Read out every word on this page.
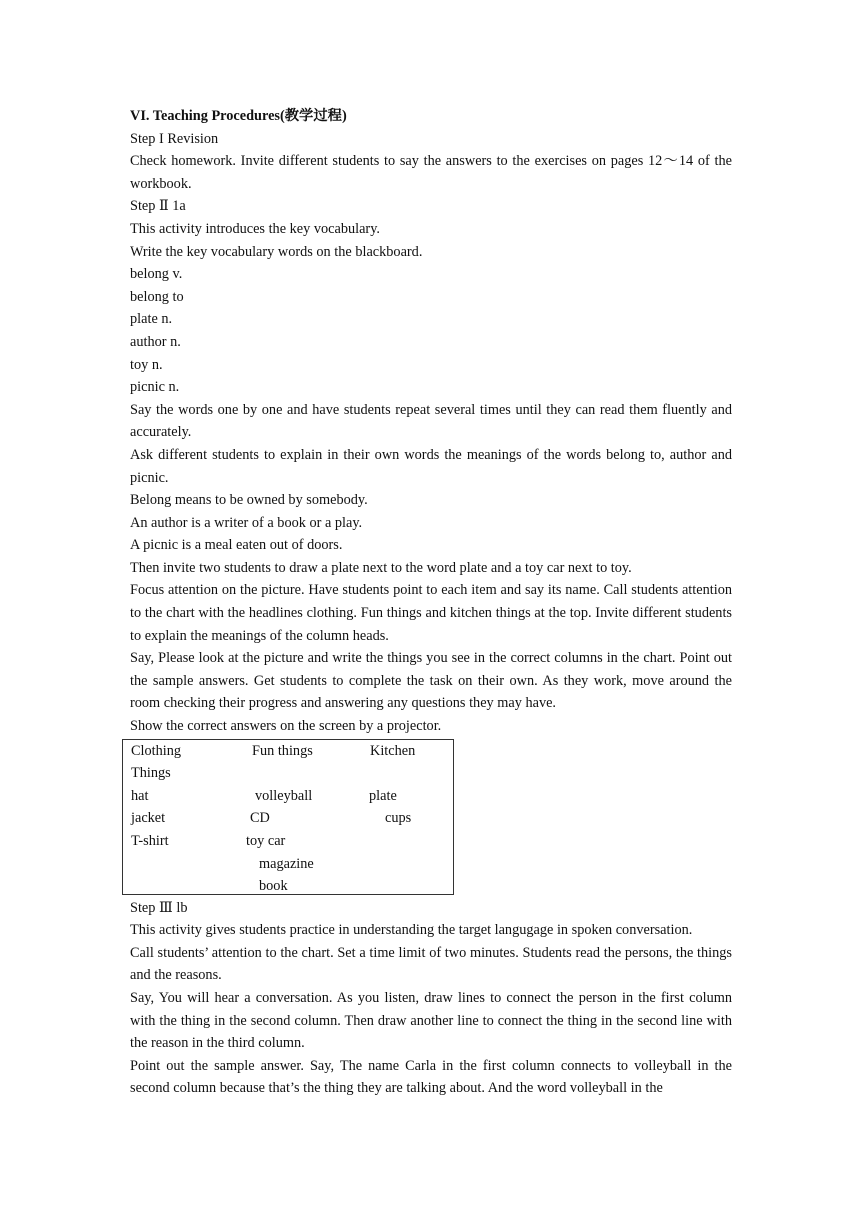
VI. Teaching Procedures(教学过程)
Step I Revision
Check homework. Invite different students to say the answers to the exercises on pages 12～14 of the workbook.
Step Ⅱ 1a
This activity introduces the key vocabulary.
Write the key vocabulary words on the blackboard.
belong v.
belong to
plate n.
author n.
toy n.
picnic n.
Say the words one by one and have students repeat several times until they can read them fluently and accurately.
Ask different students to explain in their own words the meanings of the words belong to, author and picnic.
Belong means to be owned by somebody.
An author is a writer of a book or a play.
A picnic is a meal eaten out of doors.
Then invite two students to draw a plate next to the word plate and a toy car next to toy.
Focus attention on the picture. Have students point to each item and say its name. Call students attention to the chart with the headlines clothing. Fun things and kitchen things at the top. Invite different students to explain the meanings of the column heads.
Say, Please look at the picture and write the things you see in the correct columns in the chart. Point out the sample answers. Get students to complete the task on their own. As they work, move around the room checking their progress and answering any questions they may have.
Show the correct answers on the screen by a projector.
Clothing	Fun things	Kitchen
Things
hat
jacket
T-shirt
volleyball
CD
toy car
magazine
book
plate
cups
Step Ⅲ lb
This activity gives students practice in understanding the target langugage in spoken conversation.
Call students’ attention to the chart. Set a time limit of two minutes. Students read the persons, the things and the reasons.
Say, You will hear a conversation. As you listen, draw lines to connect the person in the first column with the thing in the second column. Then draw another line to connect the thing in the second line with the reason in the third column.
Point out the sample answer. Say, The name Carla in the first column connects to volleyball in the second column because that’s the thing they are talking about. And the word volleyball in the
